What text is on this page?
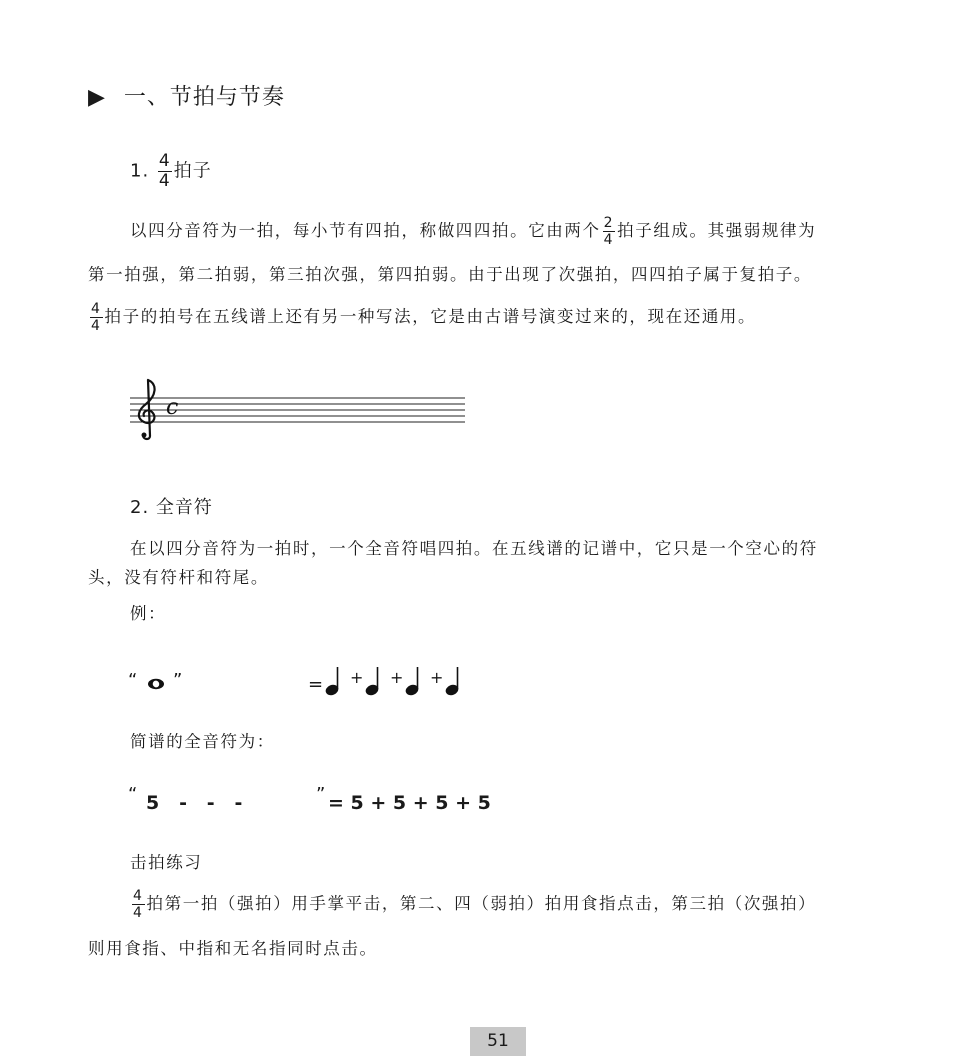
▶ 一、节拍与节奏
1. $\frac{4}{4}$ 拍子
以四分音符为一拍，每小节有四拍，称做四四拍。它由两个 $\frac{2}{4}$ 拍子组成。其强弱规律为
第一拍强，第二拍弱，第三拍次强，第四拍弱。由于出现了次强拍，四四拍子属于复拍子。
$\frac{4}{4}$ 拍子的拍号在五线谱上还有另一种写法，它是由古谱号演变过来的，现在还通用。
c
2. 全音符
在以四分音符为一拍时，一个全音符唱四拍。在五线谱的记谱中，它只是一个空心的符
头，没有符杆和符尾。
例：
“ ”	= + + +
简谱的全音符为：
“ 5   -   -   -	” = 5 + 5 + 5 + 5
击拍练习
$\frac{4}{4}$ 拍第一拍（强拍）用手掌平击，第二、四（弱拍）拍用食指点击，第三拍（次强拍）
则用食指、中指和无名指同时点击。
51
